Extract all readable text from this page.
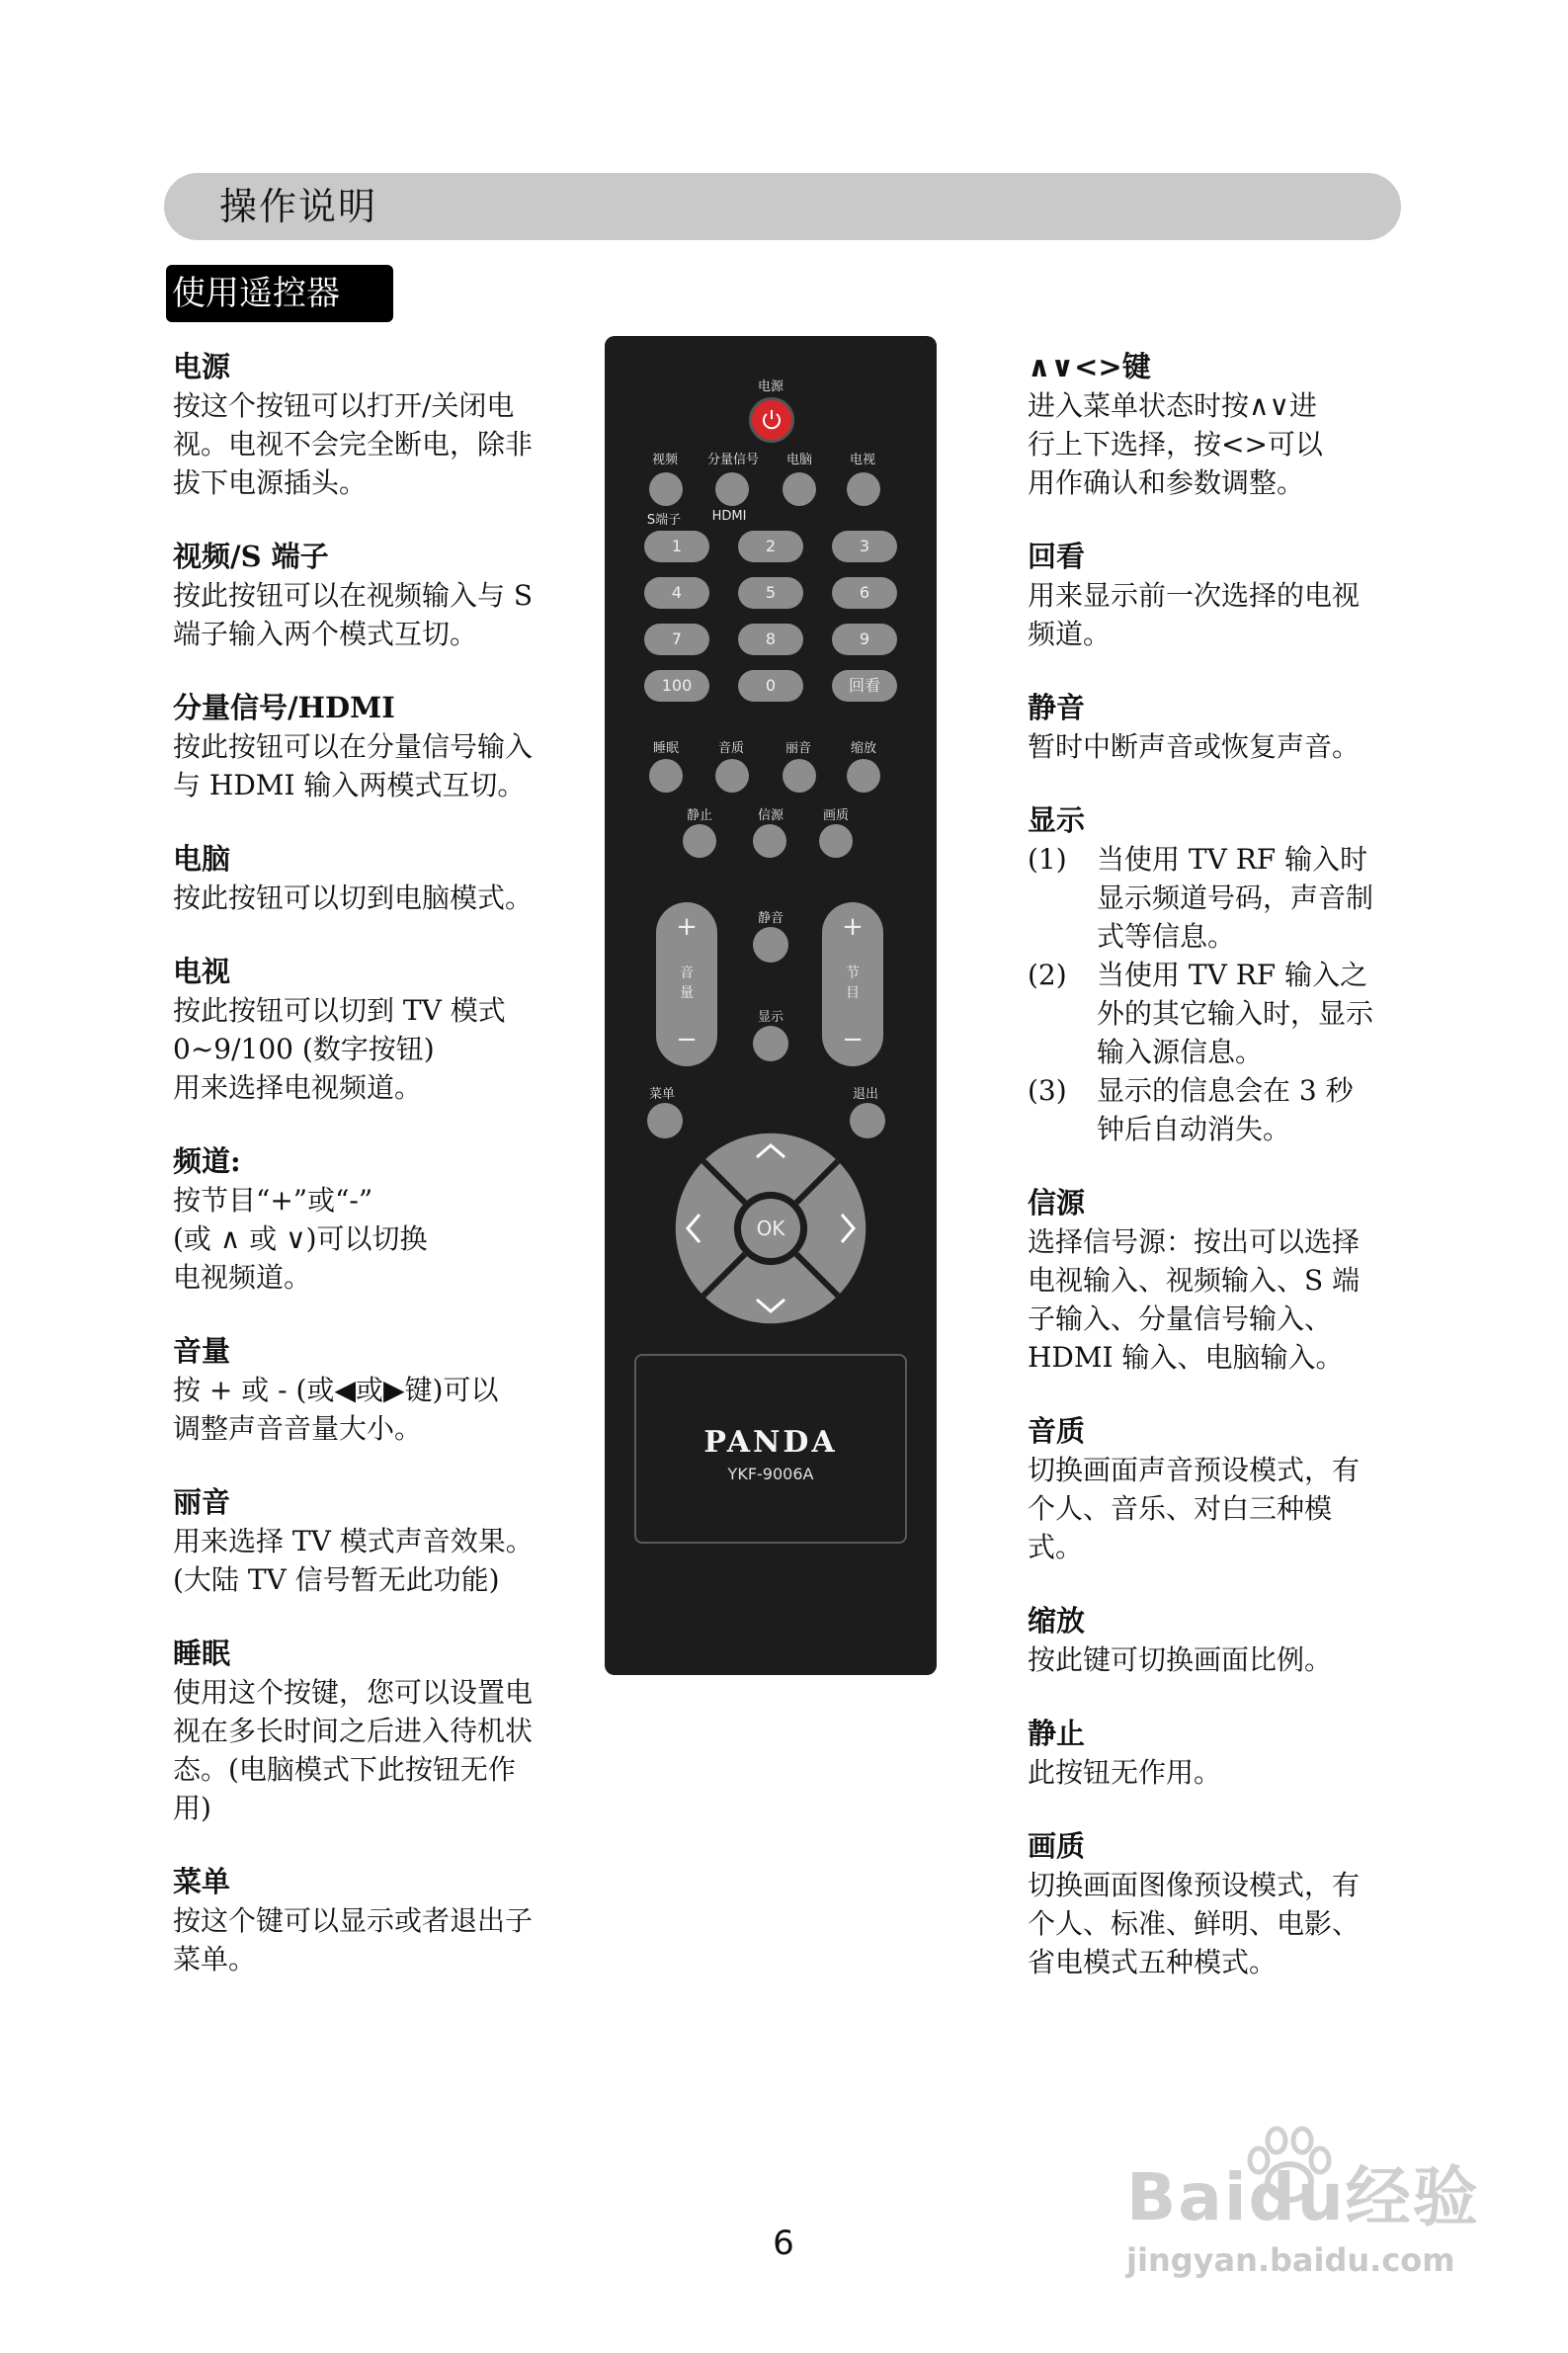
操作说明
使用遥控器
电源

按这个按钮可以打开/关闭电
视。电视不会完全断电，除非
拔下电源插头。

视频/S 端子

按此按钮可以在视频输入与 S
端子输入两个模式互切。

分量信号/HDMI

按此按钮可以在分量信号输入
与 HDMI 输入两模式互切。

电脑

按此按钮可以切到电脑模式。

电视

按此按钮可以切到 TV 模式
0~9/100 (数字按钮)
用来选择电视频道。

频道:

按节目“+”或“-”
(或 ∧ 或 ∨)可以切换
电视频道。

音量

按 + 或 - (或◀或▶键)可以
调整声音音量大小。

丽音

用来选择 TV 模式声音效果。
(大陆 TV 信号暂无此功能)

睡眠

使用这个按键，您可以设置电
视在多长时间之后进入待机状
态。(电脑模式下此按钮无作
用)

菜单

按这个键可以显示或者退出子
菜单。

∧∨<>键

进入菜单状态时按∧∨进
行上下选择，按<>可以
用作确认和参数调整。

回看

用来显示前一次选择的电视
频道。

静音

暂时中断声音或恢复声音。

显示
(1)	当使用 TV RF 输入时
显示频道号码，声音制
式等信息。
(2)	当使用 TV RF 输入之
外的其它输入时，显示
输入源信息。
(3)	显示的信息会在 3 秒
钟后自动消失。
信源

选择信号源：按出可以选择
电视输入、视频输入、S 端
子输入、分量信号输入、
HDMI 输入、电脑输入。

音质

切换画面声音预设模式，有
个人、音乐、对白三种模
式。

缩放

按此键可切换画面比例。

静止

此按钮无作用。

画质

切换画面图像预设模式，有
个人、标准、鲜明、电影、
省电模式五种模式。

电源
视频	分量信号	电脑	电视
S端子 HDMI
1	2	3
4	5	6
7	8	9
100	0	回看
睡眠	音质	丽音	缩放
静止	信源	画质
+
音
量
−
+
节
目
−
静音
显示
菜单	退出
OK
PANDA
YKF-9006A
6
Baidu经验
jingyan.baidu.com
